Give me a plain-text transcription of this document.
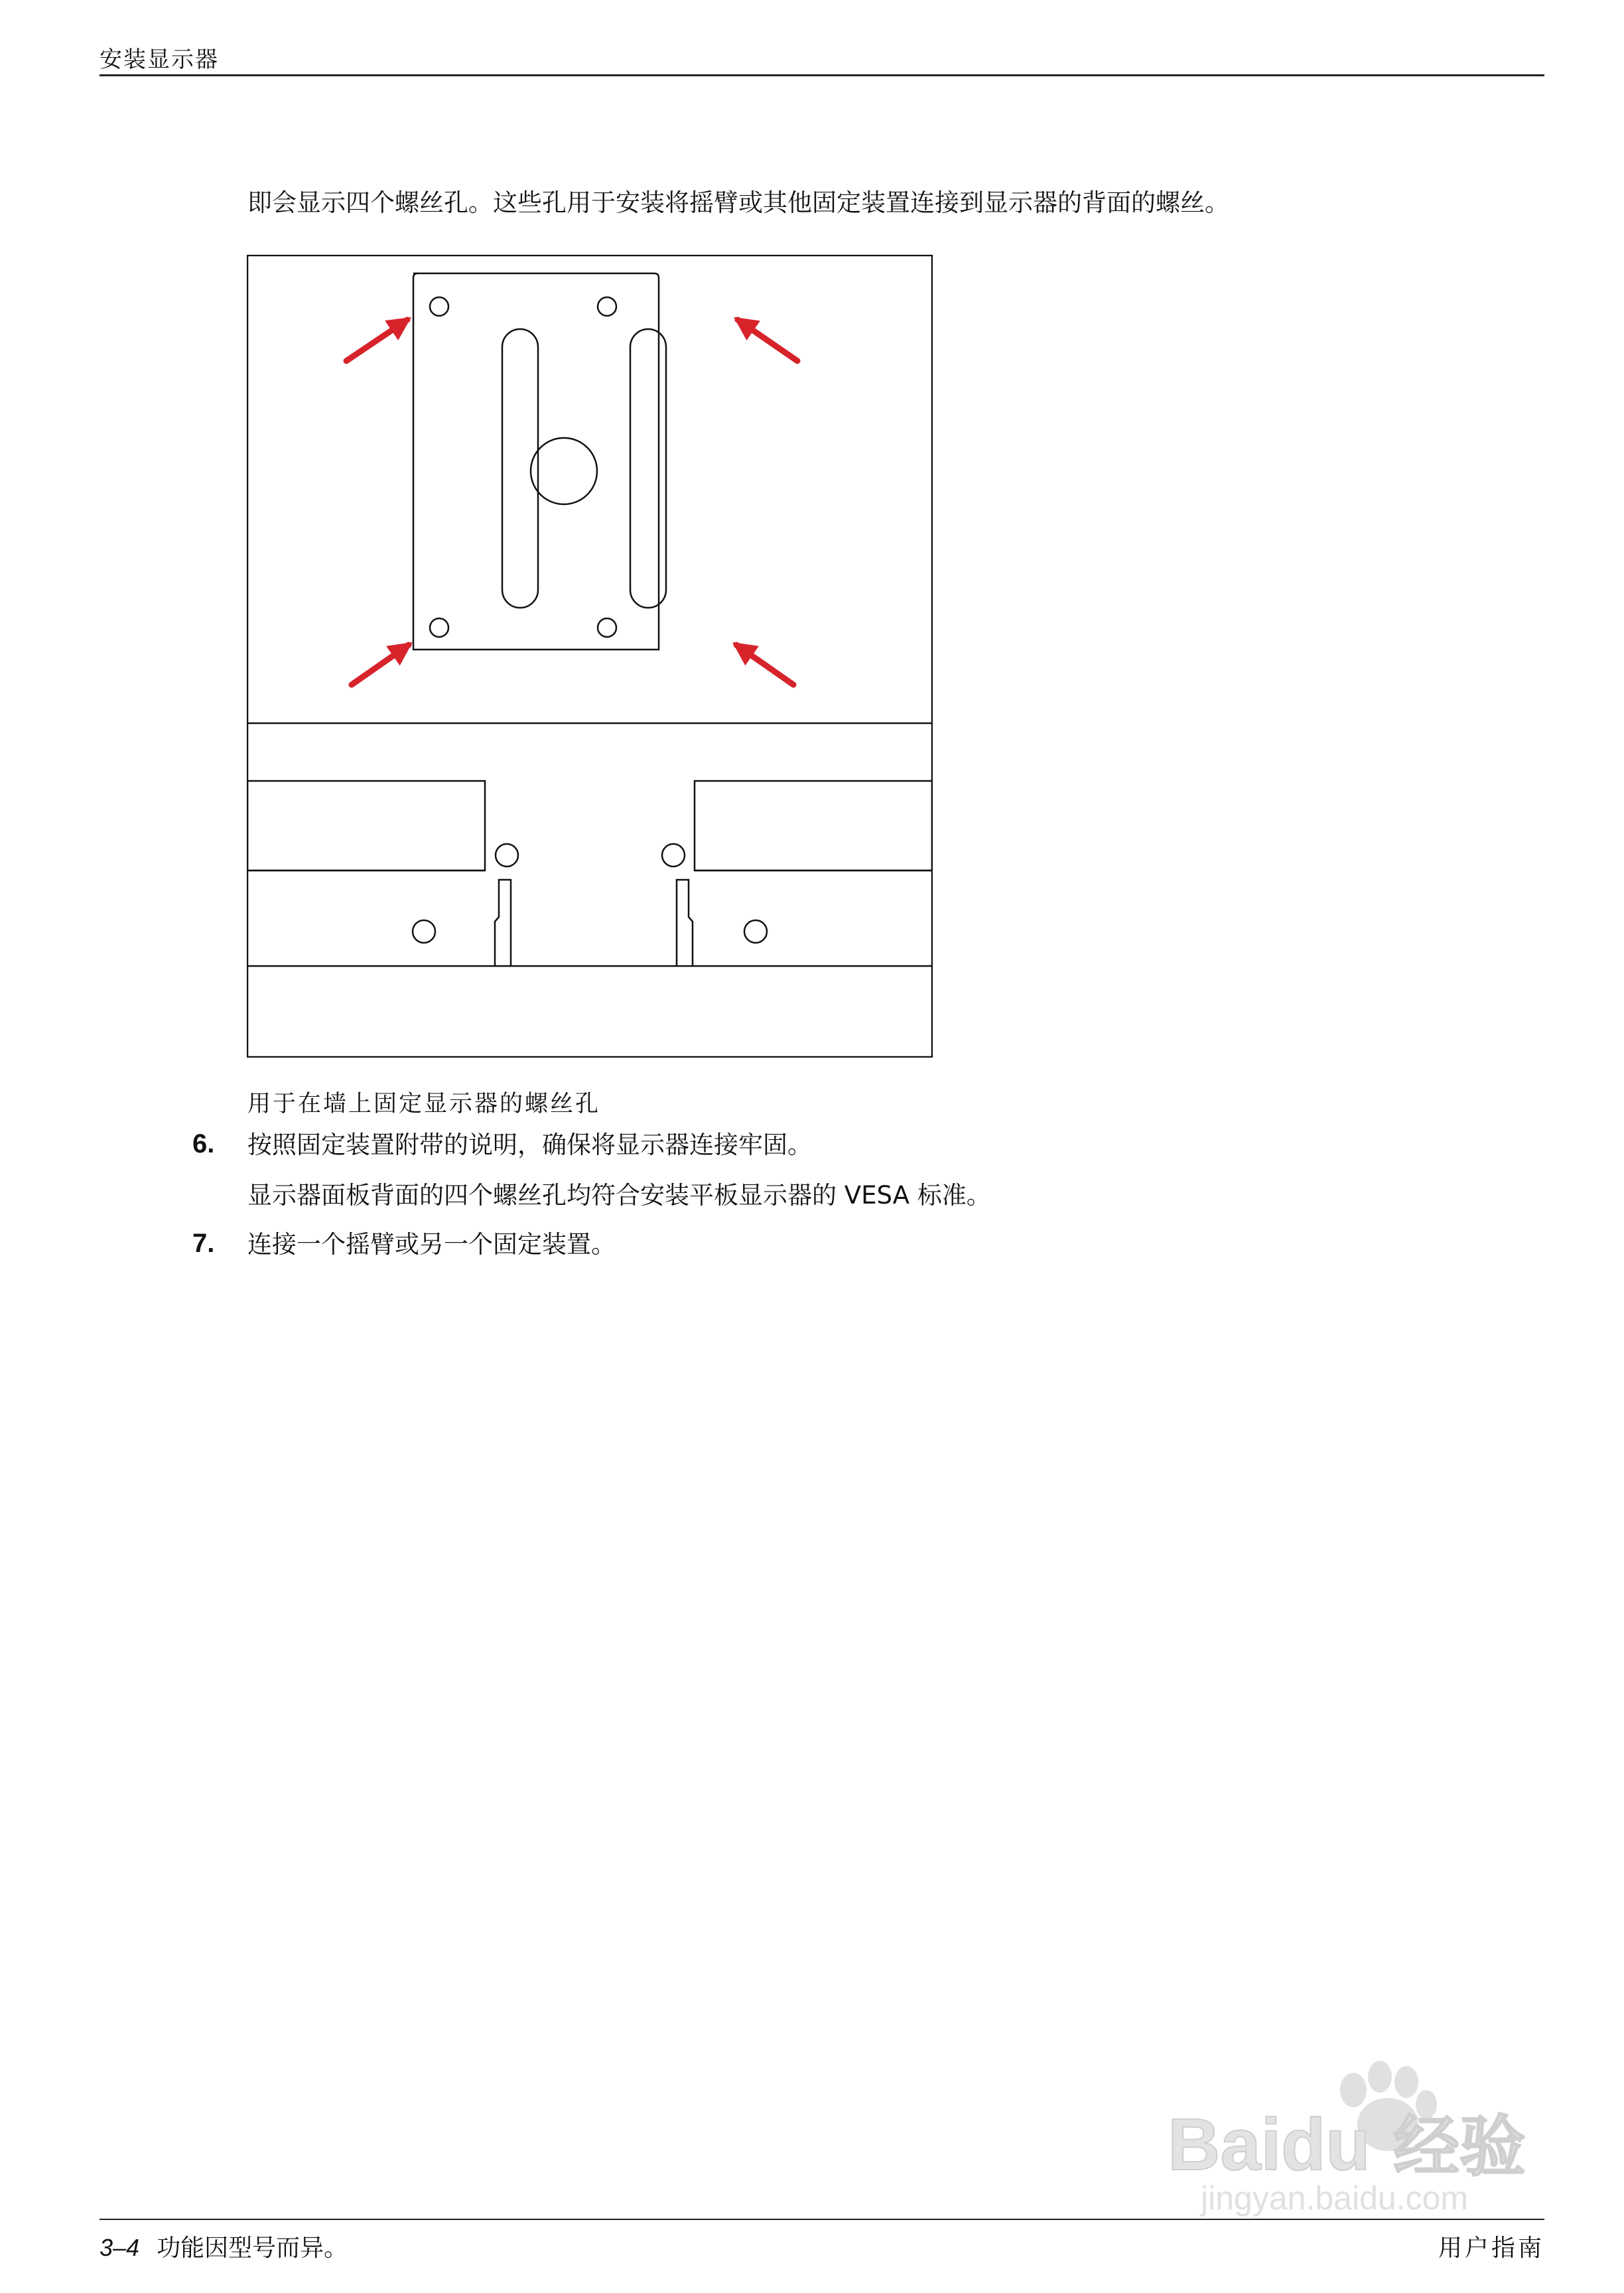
安装显示器
即会显示四个螺丝孔。这些孔用于安装将摇臂或其他固定装置连接到显示器的背面的螺丝。
用于在墙上固定显示器的螺丝孔
6. 按照固定装置附带的说明，确保将显示器连接牢固。
显示器面板背面的四个螺丝孔均符合安装平板显示器的 VESA 标准。
7. 连接一个摇臂或另一个固定装置。
3–4 功能因型号而异。	用户指南
Baidu 经验
jingyan.baidu.com
